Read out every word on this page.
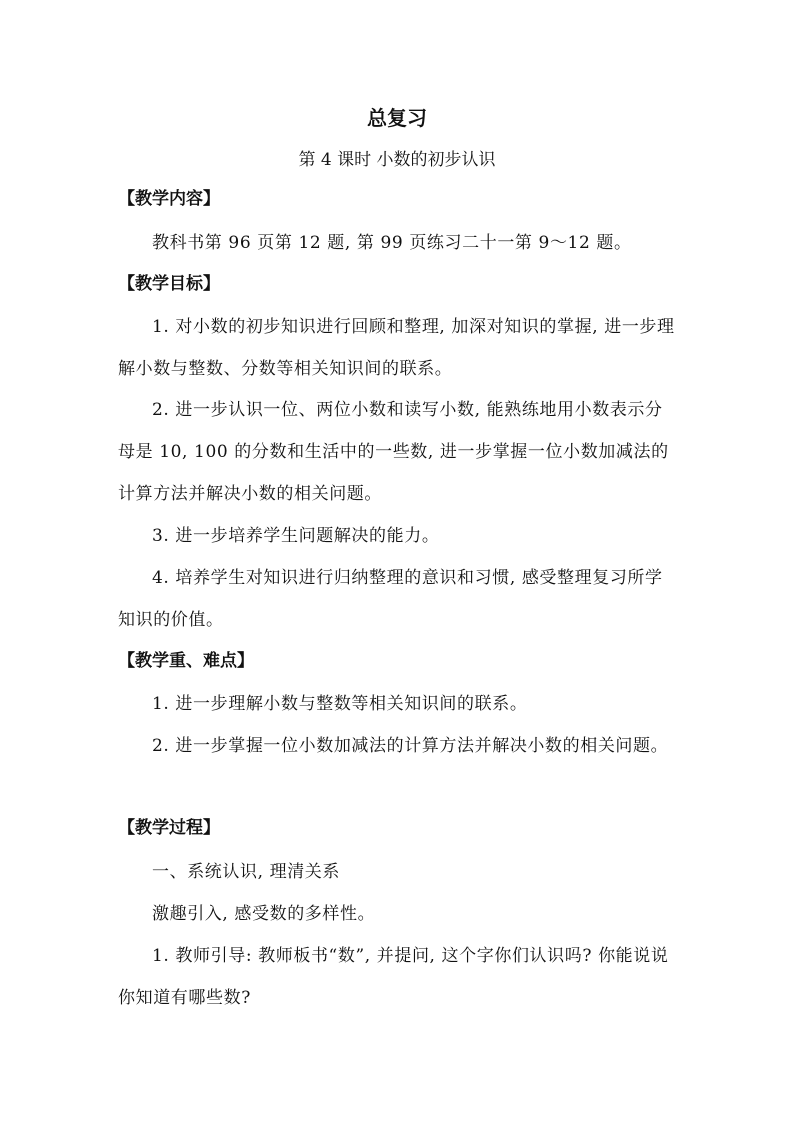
总复习
第 4 课时 小数的初步认识
【教学内容】
教科书第 96 页第 12 题, 第 99 页练习二十一第 9～12 题。
【教学目标】
1. 对小数的初步知识进行回顾和整理, 加深对知识的掌握, 进一步理解小数与整数、分数等相关知识间的联系。
2. 进一步认识一位、两位小数和读写小数, 能熟练地用小数表示分母是 10, 100 的分数和生活中的一些数, 进一步掌握一位小数加减法的计算方法并解决小数的相关问题。
3. 进一步培养学生问题解决的能力。
4. 培养学生对知识进行归纳整理的意识和习惯, 感受整理复习所学知识的价值。
【教学重、难点】
1. 进一步理解小数与整数等相关知识间的联系。
2. 进一步掌握一位小数加减法的计算方法并解决小数的相关问题。
【教学过程】
一、系统认识, 理清关系
激趣引入, 感受数的多样性。
1. 教师引导: 教师板书“数”, 并提问, 这个字你们认识吗? 你能说说你知道有哪些数?
